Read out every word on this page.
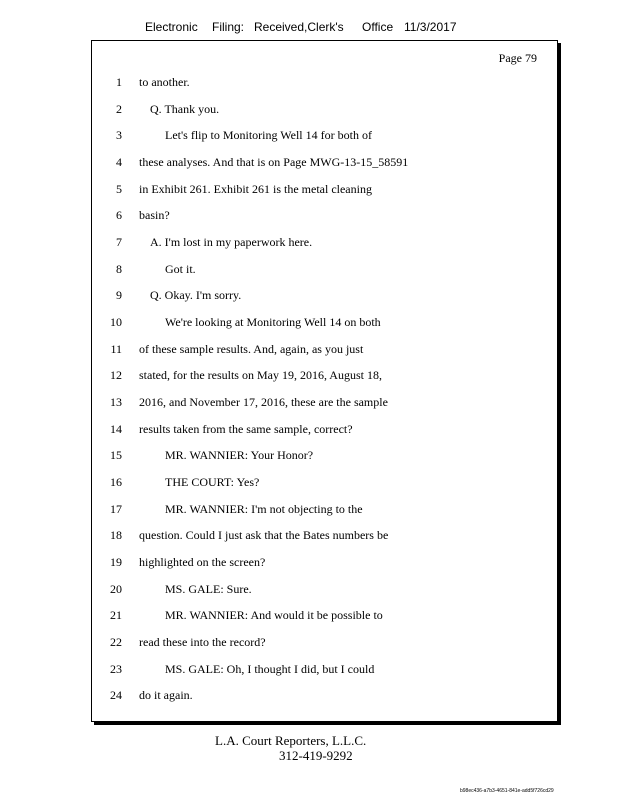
Electronic Filing: Received,Clerk's Office 11/3/2017
Page 79
1 to another.
2 Q. Thank you.
3	Let's flip to Monitoring Well 14 for both of
4 these analyses. And that is on Page MWG-13-15_58591
5 in Exhibit 261. Exhibit 261 is the metal cleaning
6 basin?
7 A. I'm lost in my paperwork here.
8	Got it.
9 Q. Okay. I'm sorry.
10	We're looking at Monitoring Well 14 on both
11 of these sample results. And, again, as you just
12 stated, for the results on May 19, 2016, August 18,
13 2016, and November 17, 2016, these are the sample
14 results taken from the same sample, correct?
15	MR. WANNIER: Your Honor?
16	THE COURT: Yes?
17	MR. WANNIER: I'm not objecting to the
18 question. Could I just ask that the Bates numbers be
19 highlighted on the screen?
20	MS. GALE: Sure.
21	MR. WANNIER: And would it be possible to
22 read these into the record?
23	MS. GALE: Oh, I thought I did, but I could
24 do it again.
L.A. Court Reporters, L.L.C.
312-419-9292
b98ec436-a7b3-4651-841e-add5f726cd29
